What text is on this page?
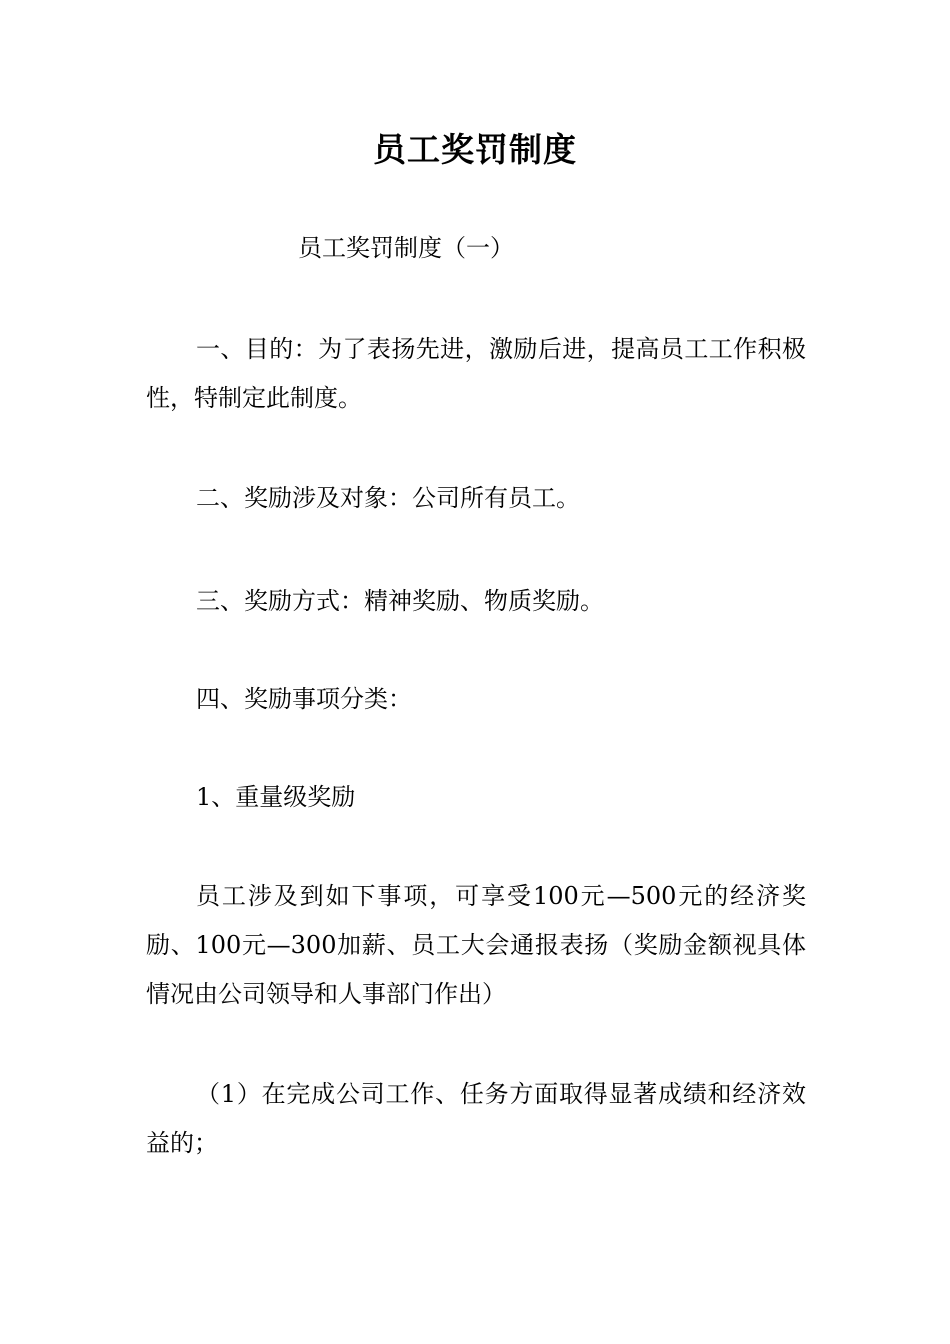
员工奖罚制度
员工奖罚制度（一）

一、目的：为了表扬先进，激励后进，提高员工工作积极性，特制定此制度。

二、奖励涉及对象：公司所有员工。

三、奖励方式：精神奖励、物质奖励。

四、奖励事项分类：

1、重量级奖励

员工涉及到如下事项，可享受100元—500元的经济奖励、100元—300加薪、员工大会通报表扬（奖励金额视具体情况由公司领导和人事部门作出）

（1）在完成公司工作、任务方面取得显著成绩和经济效益的；
